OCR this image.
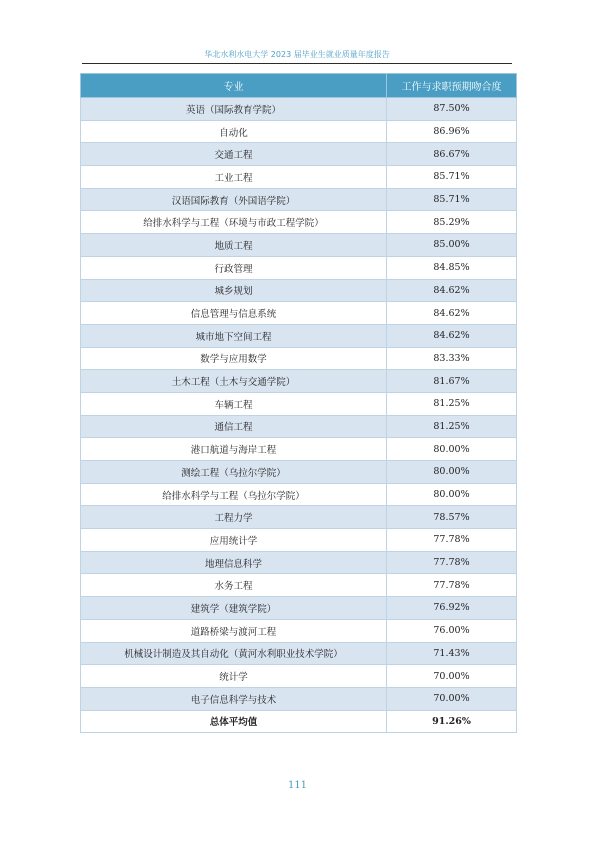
华北水利水电大学 2023 届毕业生就业质量年度报告
专业	工作与求职预期吻合度
英语（国际教育学院）	87.50%
自动化	86.96%
交通工程	86.67%
工业工程	85.71%
汉语国际教育（外国语学院）	85.71%
给排水科学与工程（环境与市政工程学院）	85.29%
地质工程	85.00%
行政管理	84.85%
城乡规划	84.62%
信息管理与信息系统	84.62%
城市地下空间工程	84.62%
数学与应用数学	83.33%
土木工程（土木与交通学院）	81.67%
车辆工程	81.25%
通信工程	81.25%
港口航道与海岸工程	80.00%
测绘工程（乌拉尔学院）	80.00%
给排水科学与工程（乌拉尔学院）	80.00%
工程力学	78.57%
应用统计学	77.78%
地理信息科学	77.78%
水务工程	77.78%
建筑学（建筑学院）	76.92%
道路桥梁与渡河工程	76.00%
机械设计制造及其自动化（黄河水利职业技术学院）	71.43%
统计学	70.00%
电子信息科学与技术	70.00%
总体平均值	91.26%
111
